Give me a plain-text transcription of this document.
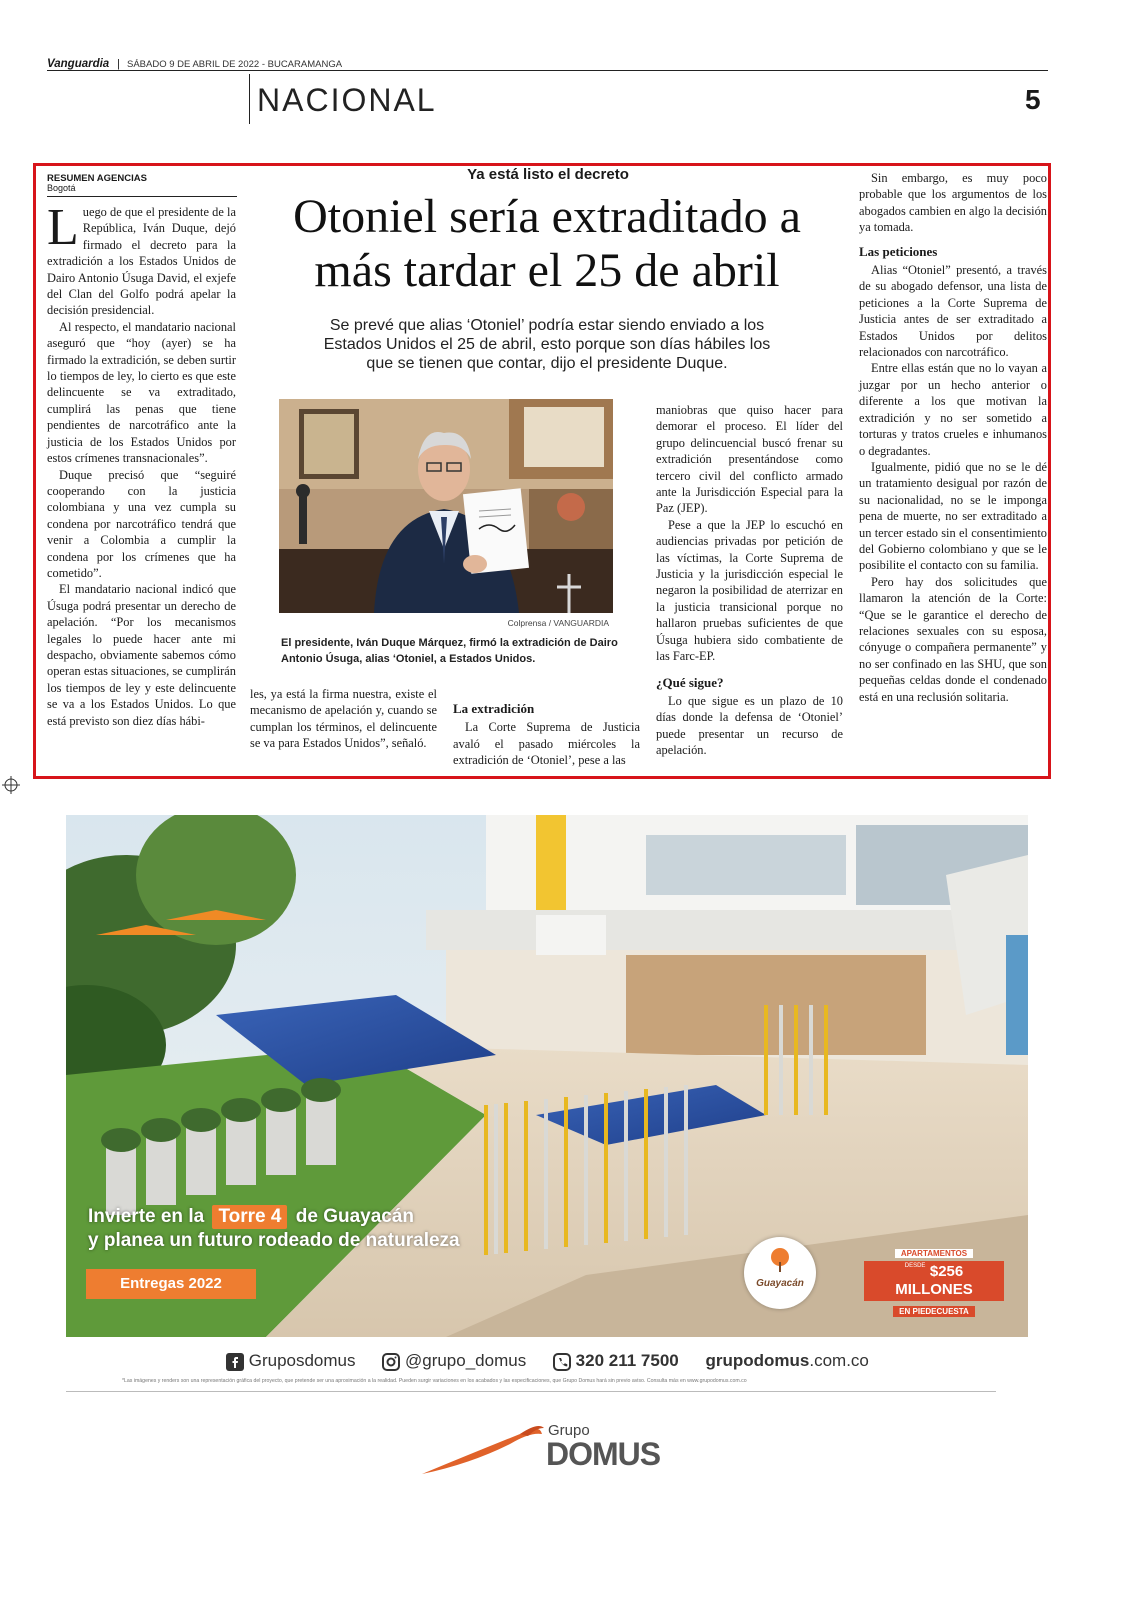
Vanguardia | SÁBADO 9 DE ABRIL DE 2022 - BUCARAMANGA
NACIONAL	5
RESUMEN AGENCIAS
Bogotá
Ya está listo el decreto
Otoniel sería extraditado a
más tardar el 25 de abril
Se prevé que alias ‘Otoniel’ podría estar siendo enviado a los
Estados Unidos el 25 de abril, esto porque son días hábiles los
que se tienen que contar, dijo el presidente Duque.
Colprensa / VANGUARDIA
El presidente, Iván Duque Márquez, firmó la extradición de Dairo
Antonio Úsuga, alias ‘Otoniel, a Estados Unidos.

Luego de que el presidente de la República, Iván Duque, dejó firmado el decreto para la extradición a los Estados Unidos de Dairo Antonio Úsuga David, el exjefe del Clan del Golfo podrá apelar la decisión presidencial.

Al respecto, el mandatario nacional aseguró que “hoy (ayer) se ha firmado la extradición, se deben surtir lo tiempos de ley, lo cierto es que este delincuente se va extraditado, cumplirá las penas que tiene pendientes de narcotráfico ante la justicia de los Estados Unidos por estos crímenes transnacionales”.

Duque precisó que “seguiré cooperando con la justicia colombiana y una vez cumpla su condena por narcotráfico tendrá que venir a Colombia a cumplir la condena por los crímenes que ha cometido”.

El mandatario nacional indicó que Úsuga podrá presentar un derecho de apelación. “Por los mecanismos legales lo puede hacer ante mi despacho, obviamente sabemos cómo operan estas situaciones, se cumplirán los tiempos de ley y este delincuente se va a los Estados Unidos. Lo que está previsto son diez días hábi-

les, ya está la firma nuestra, existe el mecanismo de apelación y, cuando se cumplan los términos, el delincuente se va para Estados Unidos”, señaló.

La extradición

La Corte Suprema de Justicia avaló el pasado miércoles la extradición de ‘Otoniel’, pese a las

maniobras que quiso hacer para demorar el proceso. El líder del grupo delincuencial buscó frenar su extradición presentándose como tercero civil del conflicto armado ante la Jurisdicción Especial para la Paz (JEP).

Pese a que la JEP lo escuchó en audiencias privadas por petición de las víctimas, la Corte Suprema de Justicia y la jurisdicción especial le negaron la posibilidad de aterrizar en la justicia transicional porque no hallaron pruebas suficientes de que Úsuga hubiera sido combatiente de las Farc-EP.

¿Qué sigue?

Lo que sigue es un plazo de 10 días donde la defensa de ‘Otoniel’ puede presentar un recurso de apelación.

Sin embargo, es muy poco probable que los argumentos de los abogados cambien en algo la decisión ya tomada.

Las peticiones

Alias “Otoniel” presentó, a través de su abogado defensor, una lista de peticiones a la Corte Suprema de Justicia antes de ser extraditado a Estados Unidos por delitos relacionados con narcotráfico.

Entre ellas están que no lo vayan a juzgar por un hecho anterior o diferente a los que motivan la extradición y no ser sometido a torturas y tratos crueles e inhumanos o degradantes.

Igualmente, pidió que no se le dé un tratamiento desigual por razón de su nacionalidad, no se le imponga pena de muerte, no ser extraditado a un tercer estado sin el consentimiento del Gobierno colombiano y que se le posibilite el contacto con su familia.

Pero hay dos solicitudes que llamaron la atención de la Corte: “Que se le garantice el derecho de relaciones sexuales con su esposa, cónyuge o compañera permanente” y no ser confinado en las SHU, que son pequeñas celdas donde el condenado está en una reclusión solitaria.

Invierte en la Torre 4 de Guayacán
y planea un futuro rodeado de naturaleza
Entregas 2022	Guayacán
APARTAMENTOS
$^{DESDE}$ $256 MILLONES
EN PIEDECUESTA
Gruposdomus	@grupo_domus	320 211 7500 grupodomus.com.co
*Las imágenes y renders son una representación gráfica del proyecto, que pretende ser una aproximación a la realidad. Pueden surgir variaciones en los acabados y las especificaciones, que Grupo Domus hará sin previo aviso. Consulta más en www.grupodomus.com.co
Grupo
DOMUS
